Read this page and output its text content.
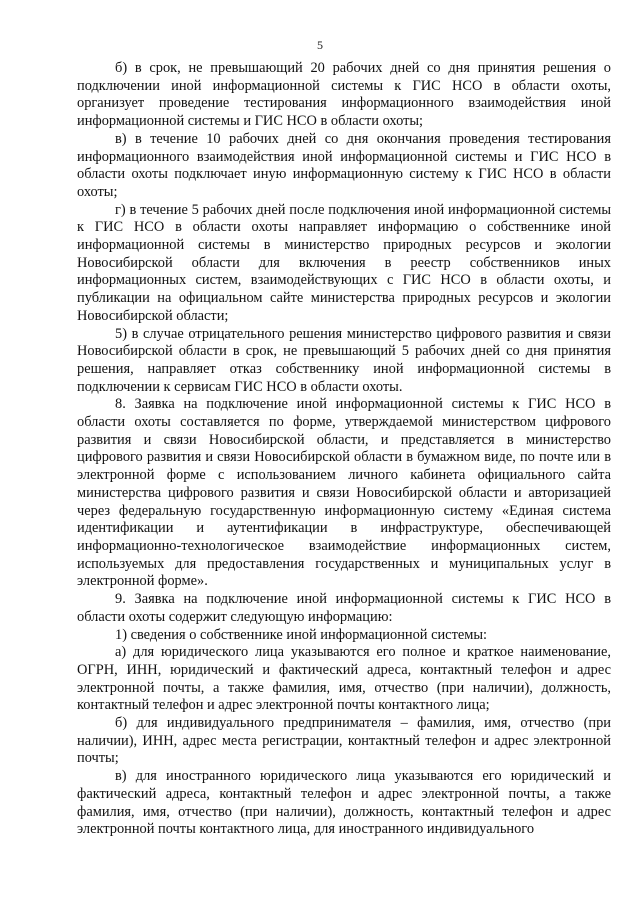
5

б) в срок, не превышающий 20 рабочих дней со дня принятия решения о подключении иной информационной системы к ГИС НСО в области охоты, организует проведение тестирования информационного взаимодействия иной информационной системы и ГИС НСО в области охоты;

в) в течение 10 рабочих дней со дня окончания проведения тестирования информационного взаимодействия иной информационной системы и ГИС НСО в области охоты подключает иную информационную систему к ГИС НСО в области охоты;

г) в течение 5 рабочих дней после подключения иной информационной системы к ГИС НСО в области охоты направляет информацию о собственнике иной информационной системы в министерство природных ресурсов и экологии Новосибирской области для включения в реестр собственников иных информационных систем, взаимодействующих с ГИС НСО в области охоты, и публикации на официальном сайте министерства природных ресурсов и экологии Новосибирской области;

5) в случае отрицательного решения министерство цифрового развития и связи Новосибирской области в срок, не превышающий 5 рабочих дней со дня принятия решения, направляет отказ собственнику иной информационной системы в подключении к сервисам ГИС НСО в области охоты.

8. Заявка на подключение иной информационной системы к ГИС НСО в области охоты составляется по форме, утверждаемой министерством цифрового развития и связи Новосибирской области, и представляется в министерство цифрового развития и связи Новосибирской области в бумажном виде, по почте или в электронной форме с использованием личного кабинета официального сайта министерства цифрового развития и связи Новосибирской области и авторизацией через федеральную государственную информационную систему «Единая система идентификации и аутентификации в инфраструктуре, обеспечивающей информационно-технологическое взаимодействие информационных систем, используемых для предоставления государственных и муниципальных услуг в электронной форме».

9. Заявка на подключение иной информационной системы к ГИС НСО в области охоты содержит следующую информацию:

1) сведения о собственнике иной информационной системы:

а) для юридического лица указываются его полное и краткое наименование, ОГРН, ИНН, юридический и фактический адреса, контактный телефон и адрес электронной почты, а также фамилия, имя, отчество (при наличии), должность, контактный телефон и адрес электронной почты контактного лица;

б) для индивидуального предпринимателя – фамилия, имя, отчество (при наличии), ИНН, адрес места регистрации, контактный телефон и адрес электронной почты;

в) для иностранного юридического лица указываются его юридический и фактический адреса, контактный телефон и адрес электронной почты, а также фамилия, имя, отчество (при наличии), должность, контактный телефон и адрес электронной почты контактного лица, для иностранного индивидуального
